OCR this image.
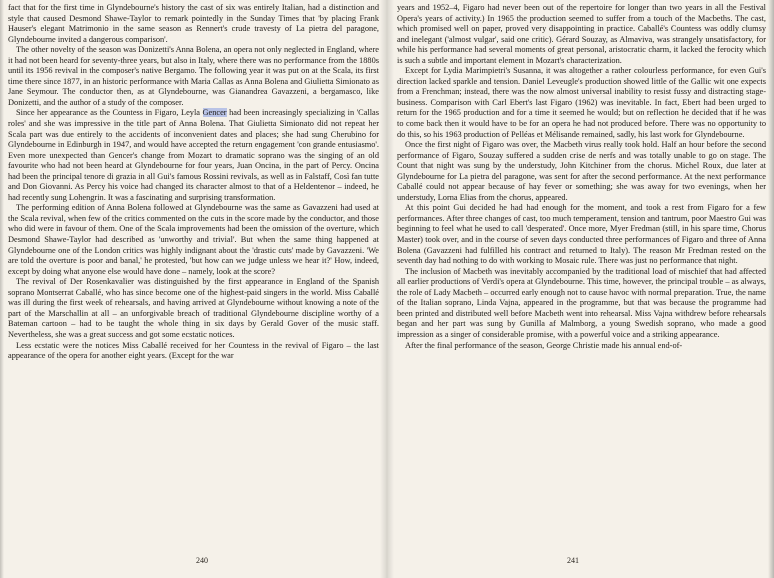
fact that for the first time in Glyndebourne's history the cast of six was entirely Italian, had a distinction and style that caused Desmond Shawe-Taylor to remark pointedly in the Sunday Times that 'by placing Frank Hauser's elegant Matrimonio in the same season as Rennert's crude travesty of La pietra del paragone, Glyndebourne invited a dangerous comparison'.

The other novelty of the season was Donizetti's Anna Bolena, an opera not only neglected in England, where it had not been heard for seventy-three years, but also in Italy, where there was no performance from the 1880s until its 1956 revival in the composer's native Bergamo. The following year it was put on at the Scala, its first time there since 1877, in an historic performance with Maria Callas as Anna Bolena and Giulietta Simionato as Jane Seymour. The conductor then, as at Glyndebourne, was Gianandrea Gavazzeni, a bergamasco, like Donizetti, and the author of a study of the composer.

Since her appearance as the Countess in Figaro, Leyla Gencer had been increasingly specializing in 'Callas roles' and she was impressive in the title part of Anna Bolena. That Giulietta Simionato did not repeat her Scala part was due entirely to the accidents of inconvenient dates and places; she had sung Cherubino for Glyndebourne in Edinburgh in 1947, and would have accepted the return engagement 'con grande entusiasmo'. Even more unexpected than Gencer's change from Mozart to dramatic soprano was the singing of an old favourite who had not been heard at Glyndebourne for four years, Juan Oncina, in the part of Percy. Oncina had been the principal tenore di grazia in all Gui's famous Rossini revivals, as well as in Falstaff, Così fan tutte and Don Giovanni. As Percy his voice had changed its character almost to that of a Heldentenor – indeed, he had recently sung Lohengrin. It was a fascinating and surprising transformation.

The performing edition of Anna Bolena followed at Glyndebourne was the same as Gavazzeni had used at the Scala revival, when few of the critics commented on the cuts in the score made by the conductor, and those who did were in favour of them. One of the Scala improvements had been the omission of the overture, which Desmond Shawe-Taylor had described as 'unworthy and trivial'. But when the same thing happened at Glyndebourne one of the London critics was highly indignant about the 'drastic cuts' made by Gavazzeni. 'We are told the overture is poor and banal,' he protested, 'but how can we judge unless we hear it?' How, indeed, except by doing what anyone else would have done – namely, look at the score?

The revival of Der Rosenkavalier was distinguished by the first appearance in England of the Spanish soprano Montserrat Caballé, who has since become one of the highest-paid singers in the world. Miss Caballé was ill during the first week of rehearsals, and having arrived at Glyndebourne without knowing a note of the part of the Marschallin at all – an unforgivable breach of traditional Glyndebourne discipline worthy of a Bateman cartoon – had to be taught the whole thing in six days by Gerald Gover of the music staff. Nevertheless, she was a great success and got some ecstatic notices.

Less ecstatic were the notices Miss Caballé received for her Countess in the revival of Figaro – the last appearance of the opera for another eight years. (Except for the war

240

years and 1952–4, Figaro had never been out of the repertoire for longer than two years in all the Festival Opera's years of activity.) In 1965 the production seemed to suffer from a touch of the Macbeths. The cast, which promised well on paper, proved very disappointing in practice. Caballé's Countess was oddly clumsy and inelegant ('almost vulgar', said one critic). Gérard Souzay, as Almaviva, was strangely unsatisfactory, for while his performance had several moments of great personal, aristocratic charm, it lacked the ferocity which is such a subtle and important element in Mozart's characterization.

Except for Lydia Marimpietri's Susanna, it was altogether a rather colourless performance, for even Gui's direction lacked sparkle and tension. Daniel Leveugle's production showed little of the Gallic wit one expects from a Frenchman; instead, there was the now almost universal inability to resist fussy and distracting stage-business. Comparison with Carl Ebert's last Figaro (1962) was inevitable. In fact, Ebert had been urged to return for the 1965 production and for a time it seemed he would; but on reflection he decided that if he was to come back then it would have to be for an opera he had not produced before. There was no opportunity to do this, so his 1963 production of Pelléas et Mélisande remained, sadly, his last work for Glyndebourne.

Once the first night of Figaro was over, the Macbeth virus really took hold. Half an hour before the second performance of Figaro, Souzay suffered a sudden crise de nerfs and was totally unable to go on stage. The Count that night was sung by the understudy, John Kitchiner from the chorus. Michel Roux, due later at Glyndebourne for La pietra del paragone, was sent for after the second performance. At the next performance Caballé could not appear because of hay fever or something; she was away for two evenings, when her understudy, Lorna Elias from the chorus, appeared.

At this point Gui decided he had had enough for the moment, and took a rest from Figaro for a few performances. After three changes of cast, too much temperament, tension and tantrum, poor Maestro Gui was beginning to feel what he used to call 'desperated'. Once more, Myer Fredman (still, in his spare time, Chorus Master) took over, and in the course of seven days conducted three performances of Figaro and three of Anna Bolena (Gavazzeni had fulfilled his contract and returned to Italy). The reason Mr Fredman rested on the seventh day had nothing to do with working to Mosaic rule. There was just no performance that night.

The inclusion of Macbeth was inevitably accompanied by the traditional load of mischief that had affected all earlier productions of Verdi's opera at Glyndebourne. This time, however, the principal trouble – as always, the role of Lady Macbeth – occurred early enough not to cause havoc with normal preparation. True, the name of the Italian soprano, Linda Vajna, appeared in the programme, but that was because the programme had been printed and distributed well before Macbeth went into rehearsal. Miss Vajna withdrew before rehearsals began and her part was sung by Gunilla af Malmborg, a young Swedish soprano, who made a good impression as a singer of considerable promise, with a powerful voice and a striking appearance.

After the final performance of the season, George Christie made his annual end-of-

241
